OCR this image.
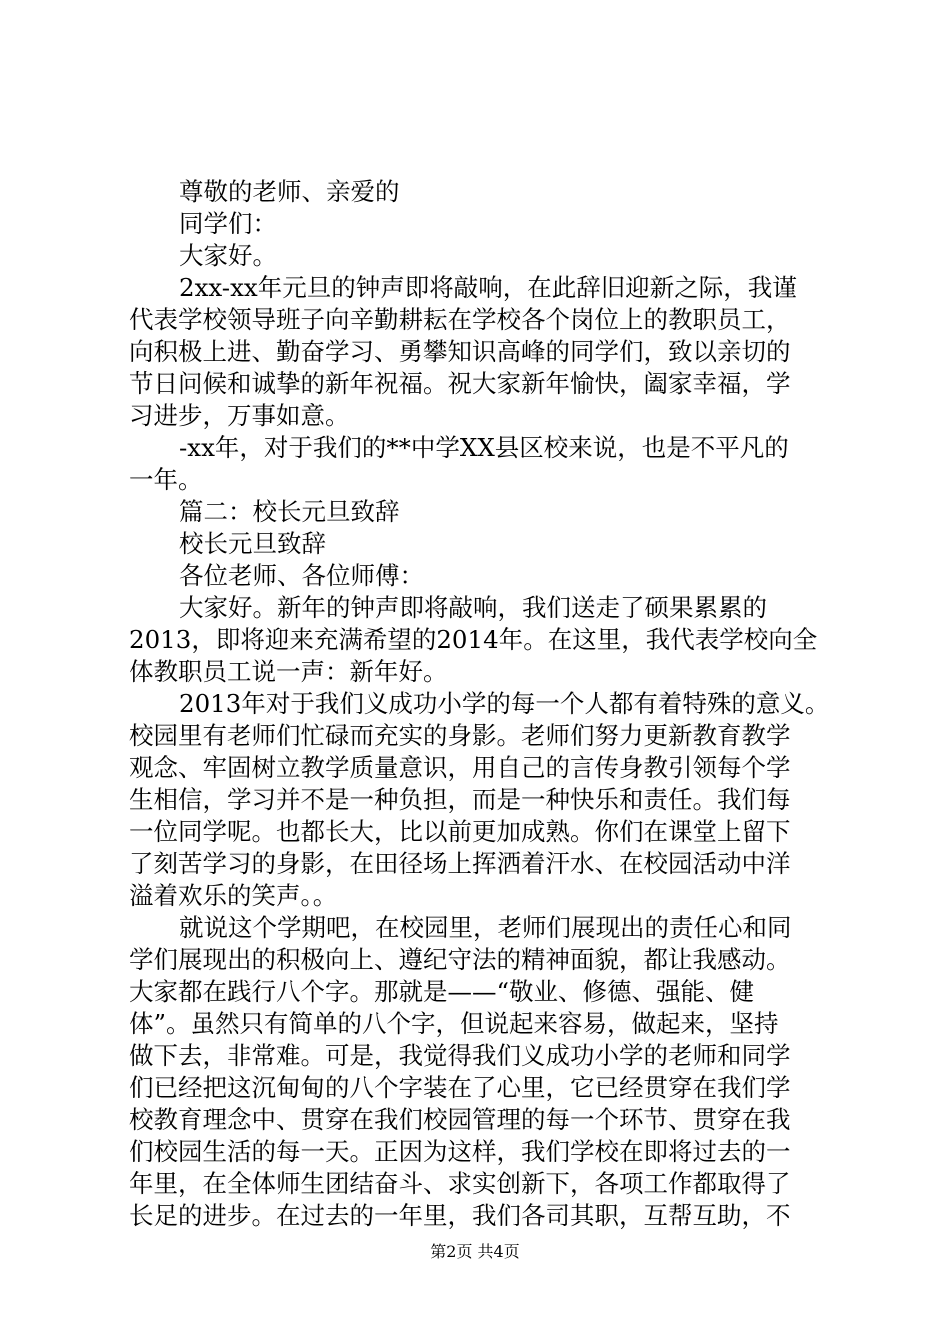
尊敬的老师、亲爱的
同学们：
大家好。
2xx-xx年元旦的钟声即将敲响，在此辞旧迎新之际，我谨
代表学校领导班子向辛勤耕耘在学校各个岗位上的教职员工，
向积极上进、勤奋学习、勇攀知识高峰的同学们，致以亲切的
节日问候和诚挚的新年祝福。祝大家新年愉快，阖家幸福，学
习进步，万事如意。
-xx年，对于我们的**中学XX县区校来说，也是不平凡的
一年。
篇二：校长元旦致辞
校长元旦致辞
各位老师、各位师傅：
大家好。新年的钟声即将敲响，我们送走了硕果累累的
2013，即将迎来充满希望的2014年。在这里，我代表学校向全
体教职员工说一声：新年好。
2013年对于我们义成功小学的每一个人都有着特殊的意义。
校园里有老师们忙碌而充实的身影。老师们努力更新教育教学
观念、牢固树立教学质量意识，用自己的言传身教引领每个学
生相信，学习并不是一种负担，而是一种快乐和责任。我们每
一位同学呢。也都长大，比以前更加成熟。你们在课堂上留下
了刻苦学习的身影，在田径场上挥洒着汗水、在校园活动中洋
溢着欢乐的笑声。。
就说这个学期吧，在校园里，老师们展现出的责任心和同
学们展现出的积极向上、遵纪守法的精神面貌，都让我感动。
大家都在践行八个字。那就是——“敬业、修德、强能、健
体”。虽然只有简单的八个字，但说起来容易，做起来，坚持
做下去，非常难。可是，我觉得我们义成功小学的老师和同学
们已经把这沉甸甸的八个字装在了心里，它已经贯穿在我们学
校教育理念中、贯穿在我们校园管理的每一个环节、贯穿在我
们校园生活的每一天。正因为这样，我们学校在即将过去的一
年里，在全体师生团结奋斗、求实创新下，各项工作都取得了
长足的进步。在过去的一年里，我们各司其职，互帮互助，不
第2页 共4页
